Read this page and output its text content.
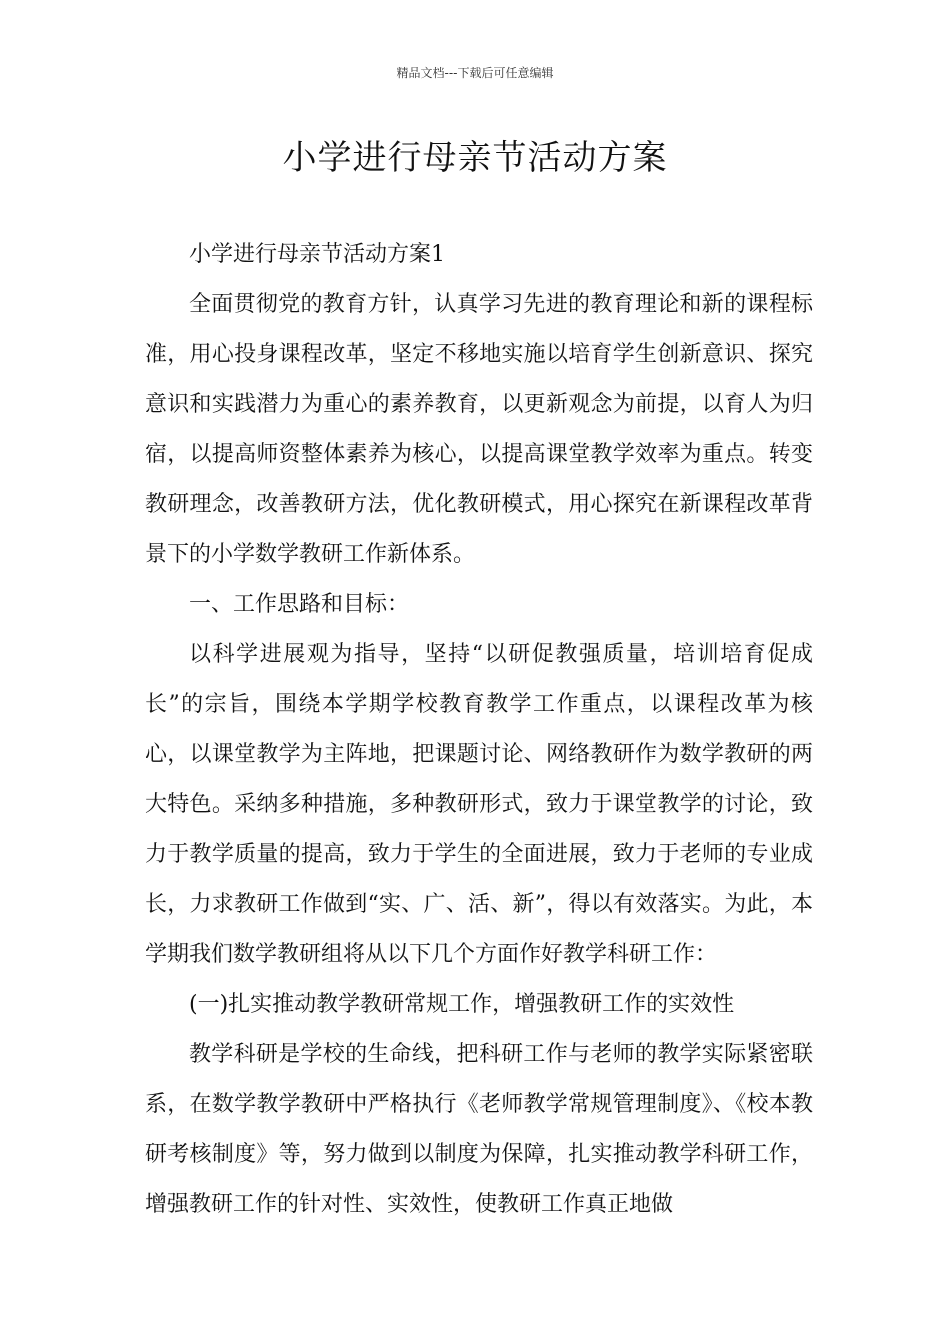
精品文档---下载后可任意编辑
小学进行母亲节活动方案

小学进行母亲节活动方案1

全面贯彻党的教育方针，认真学习先进的教育理论和新的课程标准，用心投身课程改革，坚定不移地实施以培育学生创新意识、探究意识和实践潜力为重心的素养教育，以更新观念为前提，以育人为归宿，以提高师资整体素养为核心，以提高课堂教学效率为重点。转变教研理念，改善教研方法，优化教研模式，用心探究在新课程改革背景下的小学数学教研工作新体系。

一、工作思路和目标：

以科学进展观为指导，坚持“以研促教强质量，培训培育促成长”的宗旨，围绕本学期学校教育教学工作重点，以课程改革为核心，以课堂教学为主阵地，把课题讨论、网络教研作为数学教研的两大特色。采纳多种措施，多种教研形式，致力于课堂教学的讨论，致力于教学质量的提高，致力于学生的全面进展，致力于老师的专业成长，力求教研工作做到“实、广、活、新”，得以有效落实。为此，本学期我们数学教研组将从以下几个方面作好教学科研工作：

(一)扎实推动教学教研常规工作，增强教研工作的实效性

教学科研是学校的生命线，把科研工作与老师的教学实际紧密联系，在数学教学教研中严格执行《老师教学常规管理制度》、《校本教研考核制度》等，努力做到以制度为保障，扎实推动教学科研工作，增强教研工作的针对性、实效性，使教研工作真正地做
